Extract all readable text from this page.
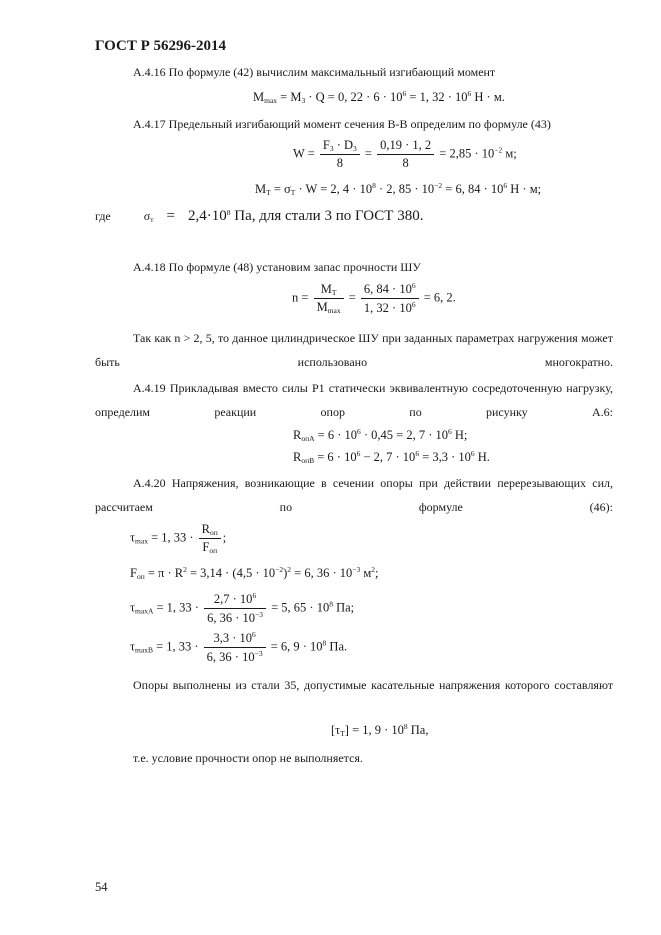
ГОСТ Р 56296-2014
А.4.16 По формуле (42) вычислим максимальный изгибающий момент
$M_{max} = M_3 \cdot Q = 0$, $22 \cdot 6 \cdot 10^6 = 1$, $32 \cdot 10^6$ Н · м.
А.4.17 Предельный изгибающий момент сечения В-В определим по формуле (43)
$W = \frac{F_3 \cdot D_3}{8} = \frac{0,19 \cdot 1, 2}{8} = 2,85 \cdot 10^{-2}$ м;
$M_T = \sigma_T \cdot W = 2$, $4 \cdot 10^8 \cdot 2$, $85 \cdot 10^{-2} = 6$, $84 \cdot 10^6$ Н · м;
где	$\sigma_т = 2,4\cdot 10^8$ Па, для стали 3 по ГОСТ 380.
А.4.18 По формуле (48) установим запас прочности ШУ
$n = \frac{M_T}{M_{max}} = \frac{6, 84 \cdot 10^6}{1, 32 \cdot 10^6} = 6$, 2.
Так как n > 2, 5, то данное цилиндрическое ШУ при заданных параметрах нагружения может быть использовано многократно.
А.4.19 Прикладывая вместо силы Р1 статически эквивалентную сосредоточенную нагрузку, определим реакции опор по рисунку А.6:
$R_{опА} = 6 \cdot 10^6 \cdot 0,45 = 2$, $7 \cdot 10^6$ Н;
$R_{опВ} = 6 \cdot 10^6 - 2$, $7 \cdot 10^6 = 3,3 \cdot 10^6$ Н.
А.4.20 Напряжения, возникающие в сечении опоры при действии перерезывающих сил, рассчитаем по формуле (46):
$\tau_{max} = 1$, $33 \cdot \frac{R_{оп}}{F_{оп}}$ ;
$F_{оп} = \pi \cdot R^2 = 3,14 \cdot (4,5 \cdot 10^{-2})^2 = 6$, $36 \cdot 10^{-3}$ $м^2$;
$\tau_{maxA} = 1$, $33 \cdot \frac{2,7 \cdot 10^6}{6, 36 \cdot 10^{-3}} = 5$, $65 \cdot 10^8$ Па;
$\tau_{maxB} = 1$, $33 \cdot \frac{3,3 \cdot 10^6}{6, 36 \cdot 10^{-3}} = 6$, $9 \cdot 10^8$ Па.
Опоры выполнены из стали 35, допустимые касательные напряжения которого составляют
$[\tau_T] = 1$, $9 \cdot 10^8$ Па,
т.е. условие прочности опор не выполняется.
54
